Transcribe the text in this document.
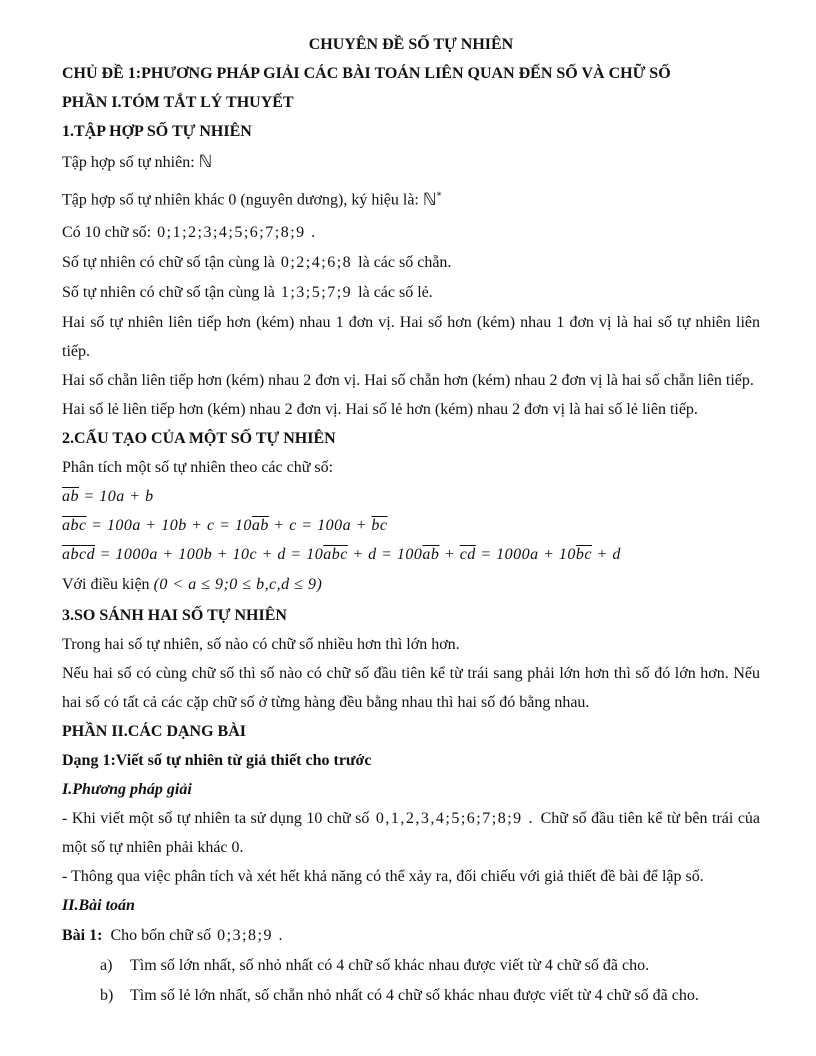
CHUYÊN ĐỀ SỐ TỰ NHIÊN

CHỦ ĐỀ 1:PHƯƠNG PHÁP GIẢI CÁC BÀI TOÁN LIÊN QUAN ĐẾN SỐ VÀ CHỮ SỐ

PHẦN I.TÓM TẮT LÝ THUYẾT

1.TẬP HỢP SỐ TỰ NHIÊN

Tập hợp số tự nhiên: ℕ

Tập hợp số tự nhiên khác 0 (nguyên dương), ký hiệu là: ℕ*

Có 10 chữ số: 0;1;2;3;4;5;6;7;8;9 .

Số tự nhiên có chữ số tận cùng là 0;2;4;6;8 là các số chẵn.

Số tự nhiên có chữ số tận cùng là 1;3;5;7;9 là các số lẻ.

Hai số tự nhiên liên tiếp hơn (kém) nhau 1 đơn vị. Hai số hơn (kém) nhau 1 đơn vị là hai số tự nhiên liên tiếp.

Hai số chẵn liên tiếp hơn (kém) nhau 2 đơn vị. Hai số chẵn hơn (kém) nhau 2 đơn vị là hai số chẵn liên tiếp.

Hai số lẻ liên tiếp hơn (kém) nhau 2 đơn vị. Hai số lẻ hơn (kém) nhau 2 đơn vị là hai số lẻ liên tiếp.

2.CẤU TẠO CỦA MỘT SỐ TỰ NHIÊN

Phân tích một số tự nhiên theo các chữ số:

$\overline{ab} = 10a + b$

$\overline{abc} = 100a + 10b + c = 10\overline{ab} + c = 100a + \overline{bc}$

abcd = $1000a + 100b + 10c + d = 10\overline{abc} + d = 100\overline{ab} + \overline{cd} = 1000a + 10\overline{bc} + d$

Với điều kiện (0 < a ≤ 9;0 ≤ b,c,d ≤ 9)

3.SO SÁNH HAI SỐ TỰ NHIÊN

Trong hai số tự nhiên, số nào có chữ số nhiều hơn thì lớn hơn.

Nếu hai số có cùng chữ số thì số nào có chữ số đầu tiên kể từ trái sang phải lớn hơn thì số đó lớn hơn. Nếu hai số có tất cả các cặp chữ số ở từng hàng đều bằng nhau thì hai số đó bằng nhau.

PHẦN II.CÁC DẠNG BÀI

Dạng 1:Viết số tự nhiên từ giả thiết cho trước

I.Phương pháp giải

- Khi viết một số tự nhiên ta sử dụng 10 chữ số 0,1,2,3,4;5;6;7;8;9 . Chữ số đầu tiên kể từ bên trái của một số tự nhiên phải khác 0.

- Thông qua việc phân tích và xét hết khả năng có thể xảy ra, đối chiếu với giả thiết đề bài để lập số.

II.Bài toán

Bài 1: Cho bốn chữ số 0;3;8;9 .

a)	Tìm số lớn nhất, số nhỏ nhất có 4 chữ số khác nhau được viết từ 4 chữ số đã cho.
b)	Tìm số lẻ lớn nhất, số chẵn nhỏ nhất có 4 chữ số khác nhau được viết từ 4 chữ số đã cho.
